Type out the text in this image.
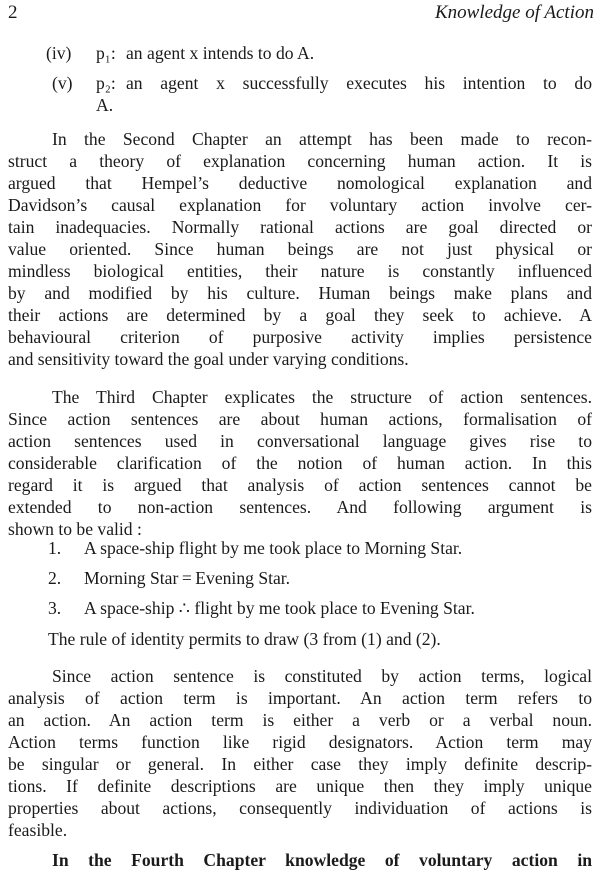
2	Knowledge of Action
(iv) p₁: an agent x intends to do A.
(v) p₂: an agent x successfully executes his intention to do
A.
In the Second Chapter an attempt has been made to recon-
struct a theory of explanation concerning human action. It is
argued that Hempel’s deductive nomological explanation and
Davidson’s causal explanation for voluntary action involve cer-
tain inadequacies. Normally rational actions are goal directed or
value oriented. Since human beings are not just physical or
mindless biological entities, their nature is constantly influenced
by and modified by his culture. Human beings make plans and
their actions are determined by a goal they seek to achieve. A
behavioural criterion of purposive activity implies persistence
and sensitivity toward the goal under varying conditions.
The Third Chapter explicates the structure of action sentences.
Since action sentences are about human actions, formalisation of
action sentences used in conversational language gives rise to
considerable clarification of the notion of human action. In this
regard it is argued that analysis of action sentences cannot be
extended to non-action sentences. And following argument is
shown to be valid :
1. A space-ship flight by me took place to Morning Star.
2. Morning Star = Evening Star.
3. A space-ship ∴ flight by me took place to Evening Star.
The rule of identity permits to draw (3 from (1) and (2).
Since action sentence is constituted by action terms, logical
analysis of action term is important. An action term refers to
an action. An action term is either a verb or a verbal noun.
Action terms function like rigid designators. Action term may
be singular or general. In either case they imply definite descrip-
tions. If definite descriptions are unique then they imply unique
properties about actions, consequently individuation of actions is
feasible.
In the Fourth Chapter knowledge of voluntary action in
